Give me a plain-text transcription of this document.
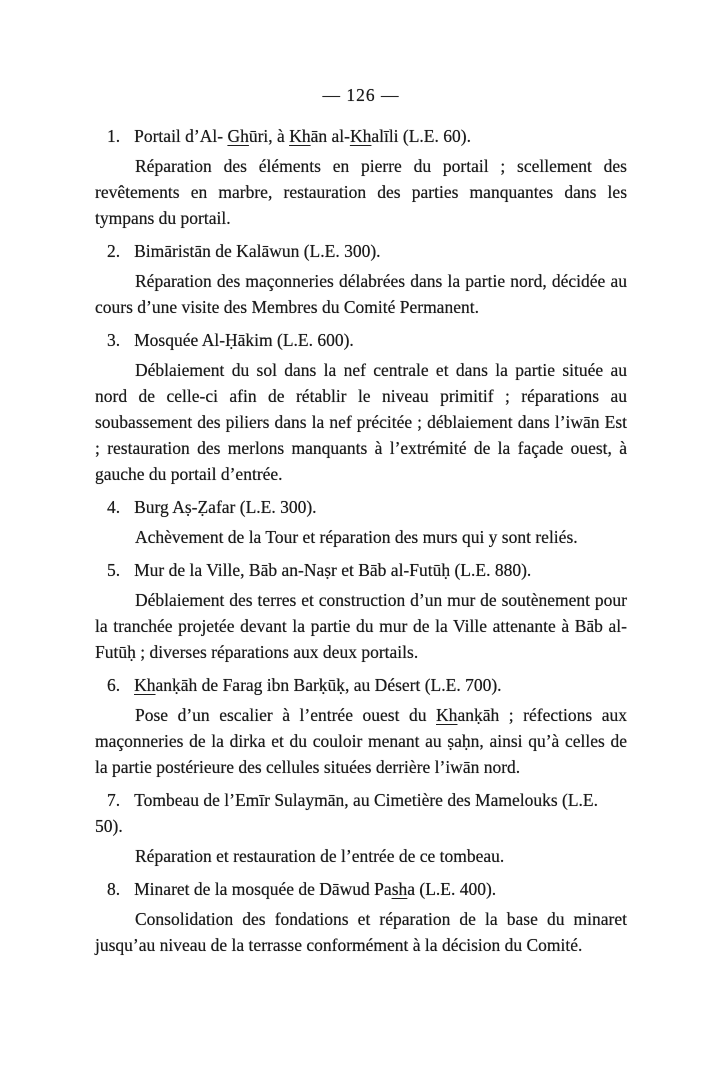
— 126 —

1. Portail d’Al- Ghūri, à Khān al-Khalīli (L.E. 60).

Réparation des éléments en pierre du portail ; scellement des revêtements en marbre, restauration des parties manquantes dans les tympans du portail.

2. Bimāristān de Kalāwun (L.E. 300).

Réparation des maçonneries délabrées dans la partie nord, décidée au cours d’une visite des Membres du Comité Permanent.

3. Mosquée Al-Ḥākim (L.E. 600).

Déblaiement du sol dans la nef centrale et dans la partie située au nord de celle-ci afin de rétablir le niveau primitif ; réparations au soubassement des piliers dans la nef précitée ; déblaiement dans l’iwān Est ; restauration des merlons manquants à l’extrémité de la façade ouest, à gauche du portail d’entrée.

4. Burg Aṣ-Ẓafar (L.E. 300).

Achèvement de la Tour et réparation des murs qui y sont reliés.

5. Mur de la Ville, Bāb an-Naṣr et Bāb al-Futūḥ (L.E. 880).

Déblaiement des terres et construction d’un mur de soutènement pour la tranchée projetée devant la partie du mur de la Ville attenante à Bāb al-Futūḥ ; diverses réparations aux deux portails.

6. Khanḳāh de Farag ibn Barḳūḳ, au Désert (L.E. 700).

Pose d’un escalier à l’entrée ouest du Khanḳāh ; réfections aux maçonneries de la dirka et du couloir menant au ṣaḥn, ainsi qu’à celles de la partie postérieure des cellules situées derrière l’iwān nord.

7. Tombeau de l’Emīr Sulaymān, au Cimetière des Mamelouks (L.E. 50).

Réparation et restauration de l’entrée de ce tombeau.

8. Minaret de la mosquée de Dāwud Pasha (L.E. 400).

Consolidation des fondations et réparation de la base du minaret jusqu’au niveau de la terrasse conformément à la décision du Comité.
